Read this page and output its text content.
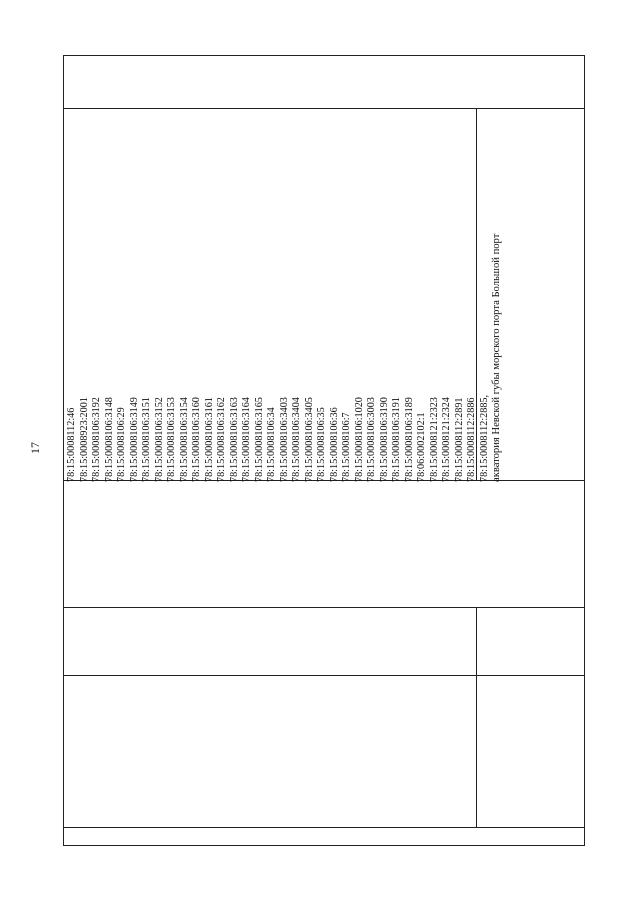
17 78:15:0008112:46 78:15:0008923:2001 78:15:0008106:3192 78:15:0008106:3148 78:15:0008106:29 78:15:0008106:3149 78:15:0008106:3151 78:15:0008106:3152 78:15:0008106:3153 78:15:0008106:3154 78:15:0008106:3160 78:15:0008106:3161 78:15:0008106:3162 78:15:0008106:3163 78:15:0008106:3164 78:15:0008106:3165 78:15:0008106:34 78:15:0008106:3403 78:15:0008106:3404 78:15:0008106:3405 78:15:0008106:35 78:15:0008106:36 78:15:0008106:7 78:15:0008106:1020 78:15:0008106:3003 78:15:0008106:3190 78:15:0008106:3191 78:15:0008106:3189 78:06:0002102:1 78:15:0008121:2323 78:15:0008121:2324 78:15:0008112:2891 78:15:0008112:2886 78:15:0008112:2885, акватория Невской губы морского порта Большой порт
